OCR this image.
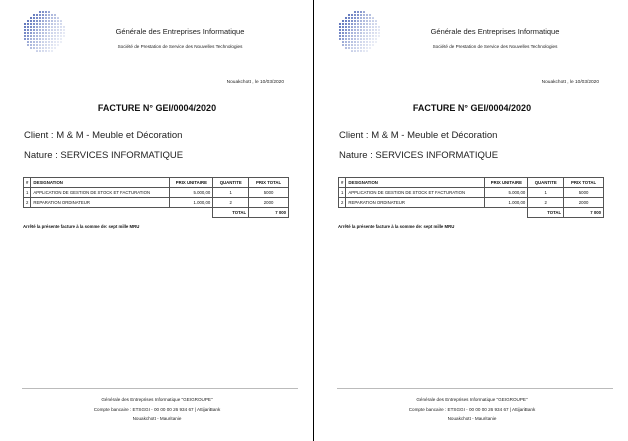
Générale des Entreprises Informatique
Société de Prestation de Service des Nouvelles Technologies
Nouakchott , le 10/03/2020
FACTURE N° GEI/0004/2020
Client : M & M - Meuble et Décoration
Nature : SERVICES INFORMATIQUE
#	DESIGNATION	PRIX UNITAIRE	QUANTITE	PRIX TOTAL
1	APPLICATION DE GESTION DE STOCK ET FACTURATION	5.000,00	1	5000
2	REPARATION ORDINATEUR	1.000,00	2	2000
			TOTAL	7 000
Arrêté la présente facture à la somme de: sept mille MRU
Générale des Entreprises Informatique "GEIGROUPE"
Compte bancaire : ETSGGI - 00 00 00 26 934 67 | AttijariBank
Nouakchott - Mauritanie
Générale des Entreprises Informatique
Société de Prestation de Service des Nouvelles Technologies
Nouakchott , le 10/03/2020
FACTURE N° GEI/0004/2020
Client : M & M - Meuble et Décoration
Nature : SERVICES INFORMATIQUE
#	DESIGNATION	PRIX UNITAIRE	QUANTITE	PRIX TOTAL
1	APPLICATION DE GESTION DE STOCK ET FACTURATION	5.000,00	1	5000
2	REPARATION ORDINATEUR	1.000,00	2	2000
			TOTAL	7 000
Arrêté la présente facture à la somme de: sept mille MRU
Générale des Entreprises Informatique "GEIGROUPE"
Compte bancaire : ETSGGI - 00 00 00 26 934 67 | AttijariBank
Nouakchott - Mauritanie
